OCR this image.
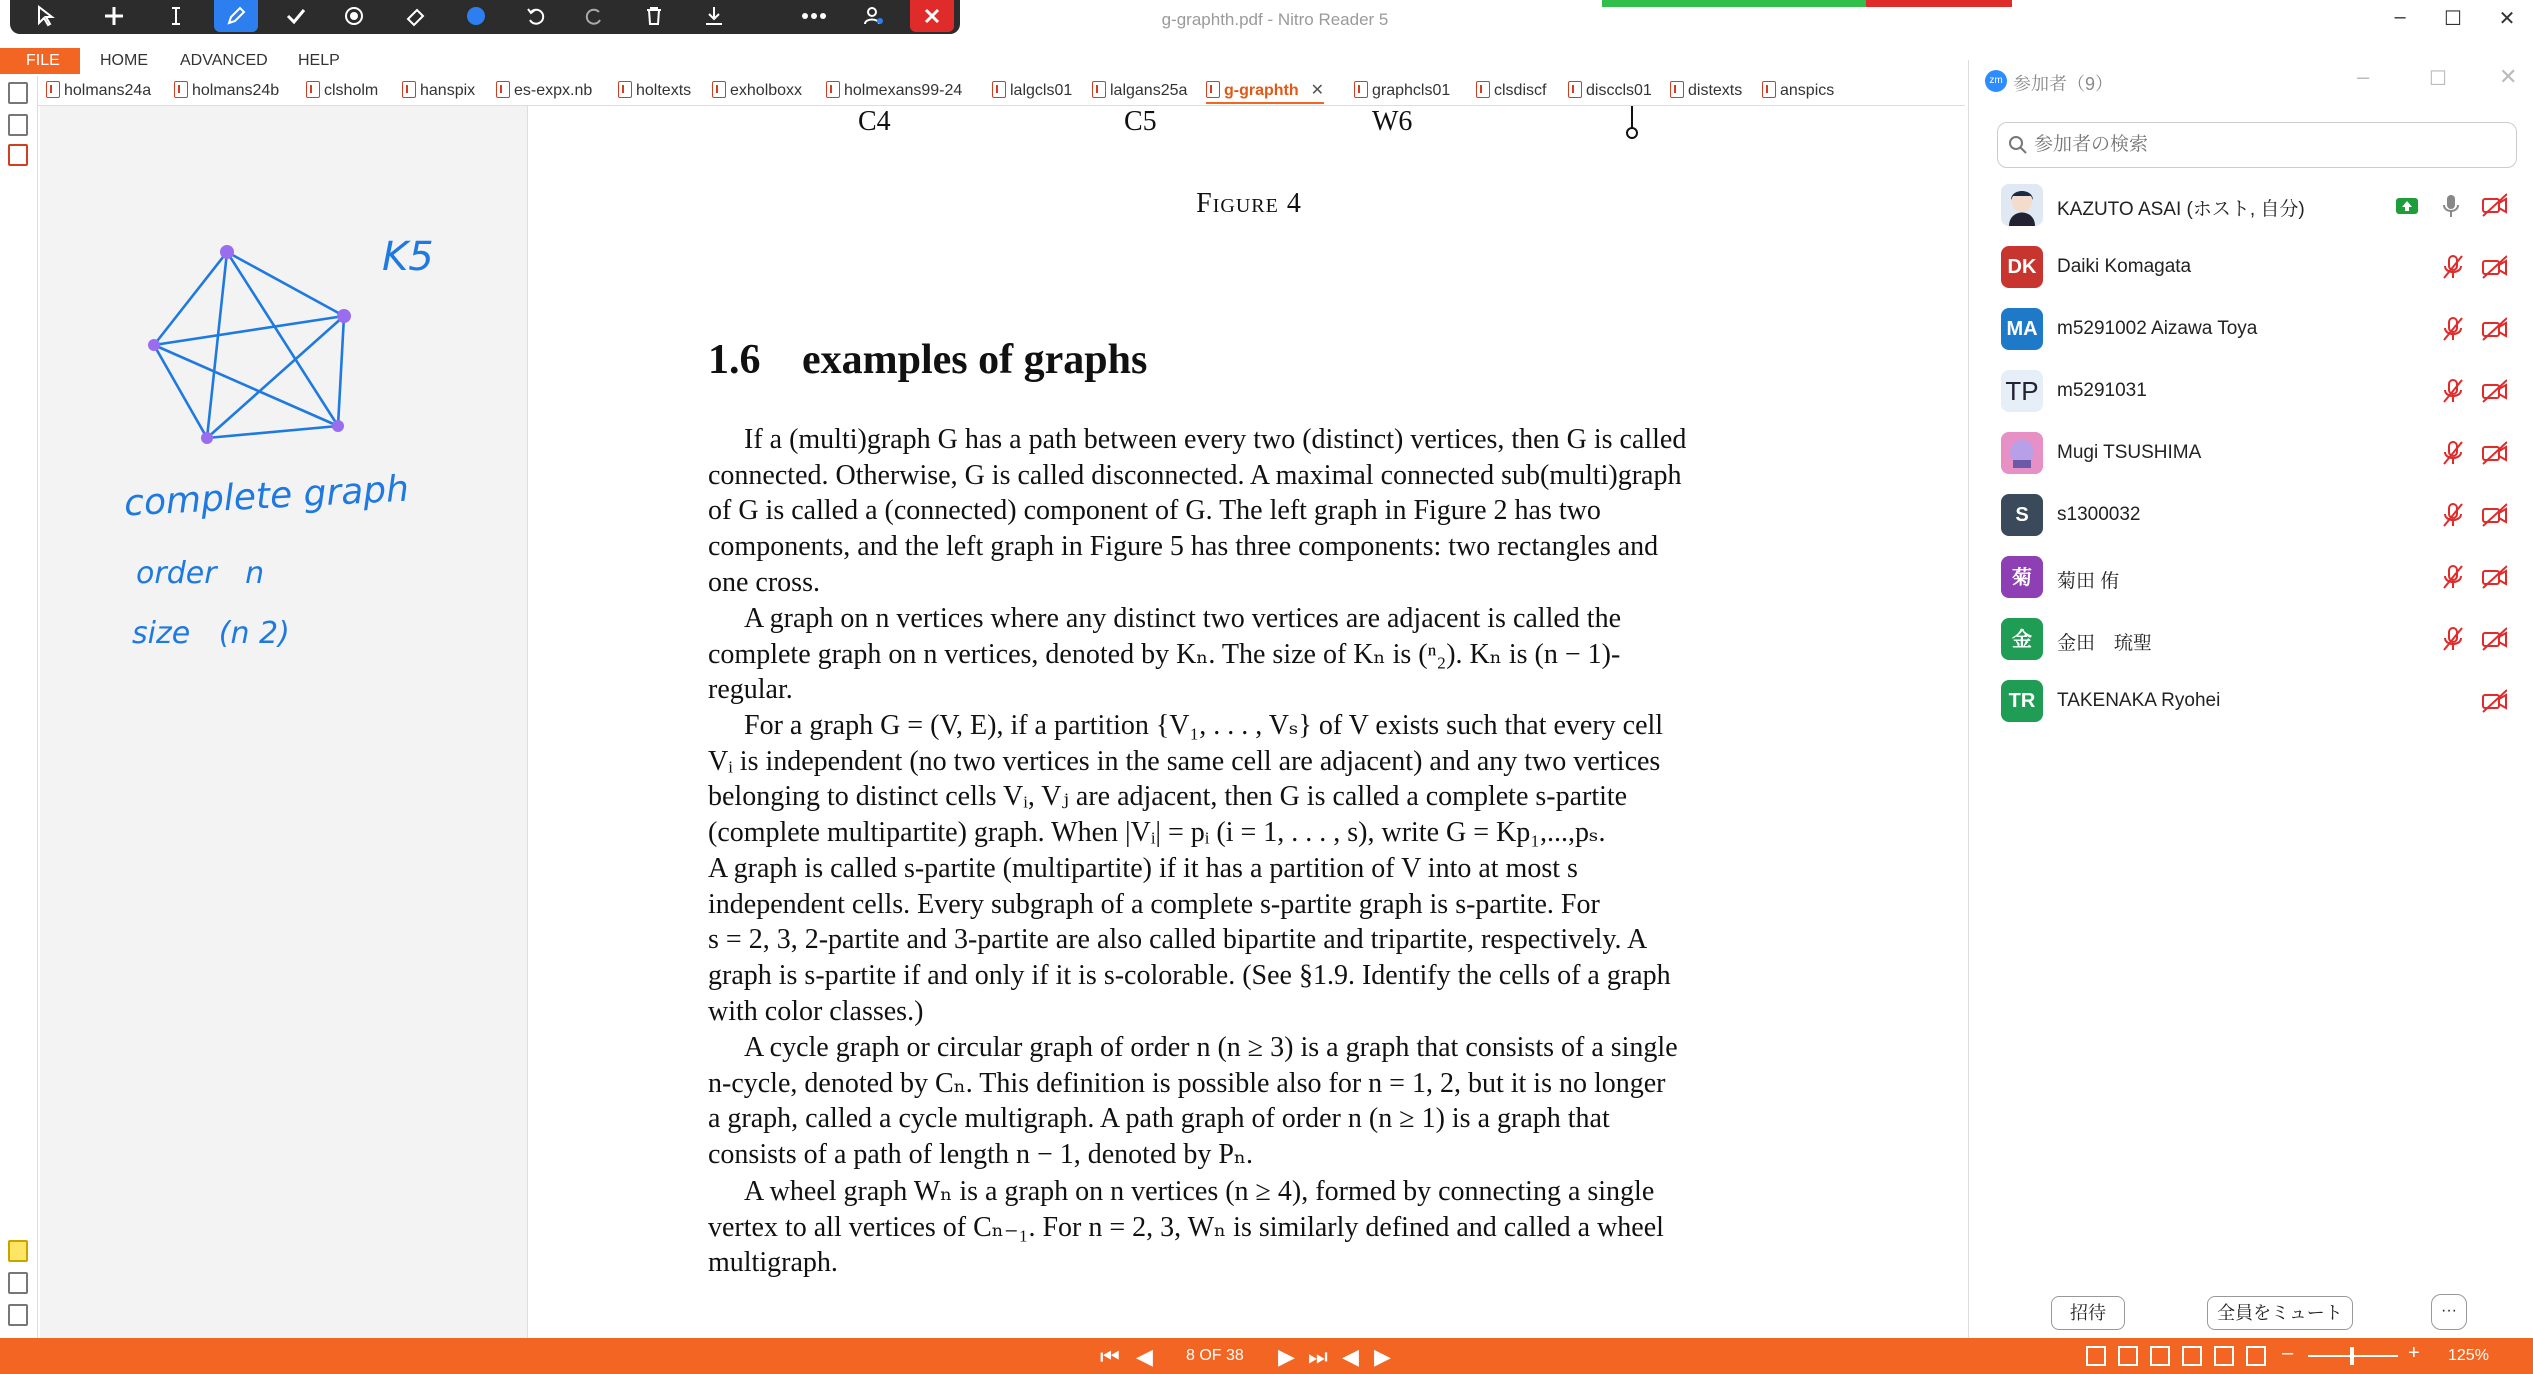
g-graphth.pdf - Nitro Reader 5	–	☐	✕
FILE	HOME ADVANCED HELP
holmans24a	holmans24b	clsholm	hanspix	es-expx.nb	holtexts	exholboxx	holmexans99-24	lalgcls01	lalgans25a	g-graphth ✕	graphcls01	clsdiscf	disccls01	distexts	anspics
K5
complete graph
order   n
size   (n 2)
C4	C5	W6
Figure 4
1.6 examples of graphs
If a (multi)graph G has a path between every two (distinct) vertices, then G is called
connected. Otherwise, G is called disconnected. A maximal connected sub(multi)graph
of G is called a (connected) component of G. The left graph in Figure 2 has two
components, and the left graph in Figure 5 has three components: two rectangles and
one cross.
A graph on n vertices where any distinct two vertices are adjacent is called the
complete graph on n vertices, denoted by Kₙ. The size of Kₙ is (ⁿ₂). Kₙ is (n − 1)-
regular.
For a graph G = (V, E), if a partition {V₁, . . . , Vₛ} of V exists such that every cell
Vᵢ is independent (no two vertices in the same cell are adjacent) and any two vertices
belonging to distinct cells Vᵢ, Vⱼ are adjacent, then G is called a complete s-partite
(complete multipartite) graph. When |Vᵢ| = pᵢ (i = 1, . . . , s), write G = Kp₁,...,pₛ.
A graph is called s-partite (multipartite) if it has a partition of V into at most s
independent cells. Every subgraph of a complete s-partite graph is s-partite. For
s = 2, 3, 2-partite and 3-partite are also called bipartite and tripartite, respectively. A
graph is s-partite if and only if it is s-colorable. (See §1.9. Identify the cells of a graph
with color classes.)
A cycle graph or circular graph of order n (n ≥ 3) is a graph that consists of a single
n-cycle, denoted by Cₙ. This definition is possible also for n = 1, 2, but it is no longer
a graph, called a cycle multigraph. A path graph of order n (n ≥ 1) is a graph that
consists of a path of length n − 1, denoted by Pₙ.
A wheel graph Wₙ is a graph on n vertices (n ≥ 4), formed by connecting a single
vertex to all vertices of Cₙ₋₁. For n = 2, 3, Wₙ is similarly defined and called a wheel
multigraph.
zm 参加者（9）	–	☐ ✕
参加者の検索
KAZUTO ASAI (ホスト, 自分)
DK	Daiki Komagata
MA m5291002 Aizawa Toya
TP m5291031
Mugi TSUSHIMA
S	s1300032
菊	菊田 侑
金	金田　琉聖
TR	TAKENAKA Ryohei
招待	全員をミュート	···
⏮ ◀ 8 OF 38 ▶ ⏭ ◀ ▶	–	+ 125%
